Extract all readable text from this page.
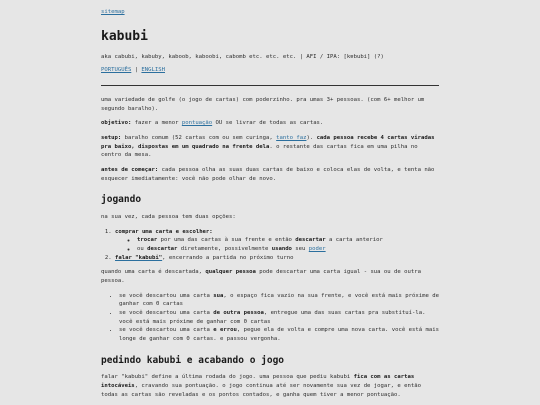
sitemap
kabubi

aka cabubi, kabuby, kaboob, kaboobi, cabomb etc. etc. etc. | AFI / IPA: [kɐbubi] (?)

PORTUGUÊS | ENGLISH

uma variedade de golfe (o jogo de cartas) com poderzinho. pra umas 3+ pessoas. (com 6+ melhor um segundo baralho).

objetivo: fazer a menor pontuação OU se livrar de todas as cartas.

setup: baralho comum (52 cartas com ou sem curinga, tanto faz). cada pessoa recebe 4 cartas viradas pra baixo, dispostas em um quadrado na frente dela. o restante das cartas fica em uma pilha no centro da mesa.

antes de começar: cada pessoa olha as suas duas cartas de baixo e coloca elas de volta, e tenta não esquecer imediatamente: você não pode olhar de novo.

jogando

na sua vez, cada pessoa tem duas opções:

1. comprar uma carta e escolher:
◦ trocar por uma das cartas à sua frente e então descartar a carta anterior
◦ ou descartar diretamente, possivelmente usando seu poder
2. falar "kabubi", encerrando a partida no próximo turno

quando uma carta é descartada, qualquer pessoa pode descartar uma carta igual - sua ou de outra pessoa.

• se você descartou uma carta sua, o espaço fica vazio na sua frente, e você está mais próxime de ganhar com 0 cartas
• se você descartou uma carta de outra pessoa, entregue uma das suas cartas pra substituí-la. você está mais próxime de ganhar com 0 cartas
• se você descartou uma carta e errou, pegue ela de volta e compre uma nova carta. você está mais longe de ganhar com 0 cartas. e passou vergonha.
pedindo kabubi e acabando o jogo

falar "kabubi" define a última rodada do jogo. uma pessoa que pediu kabubi fica com as cartas intocáveis, cravando sua pontuação. o jogo continua até ser novamente sua vez de jogar, e então todas as cartas são reveladas e os pontos contados, e ganha quem tiver a menor pontuação.
